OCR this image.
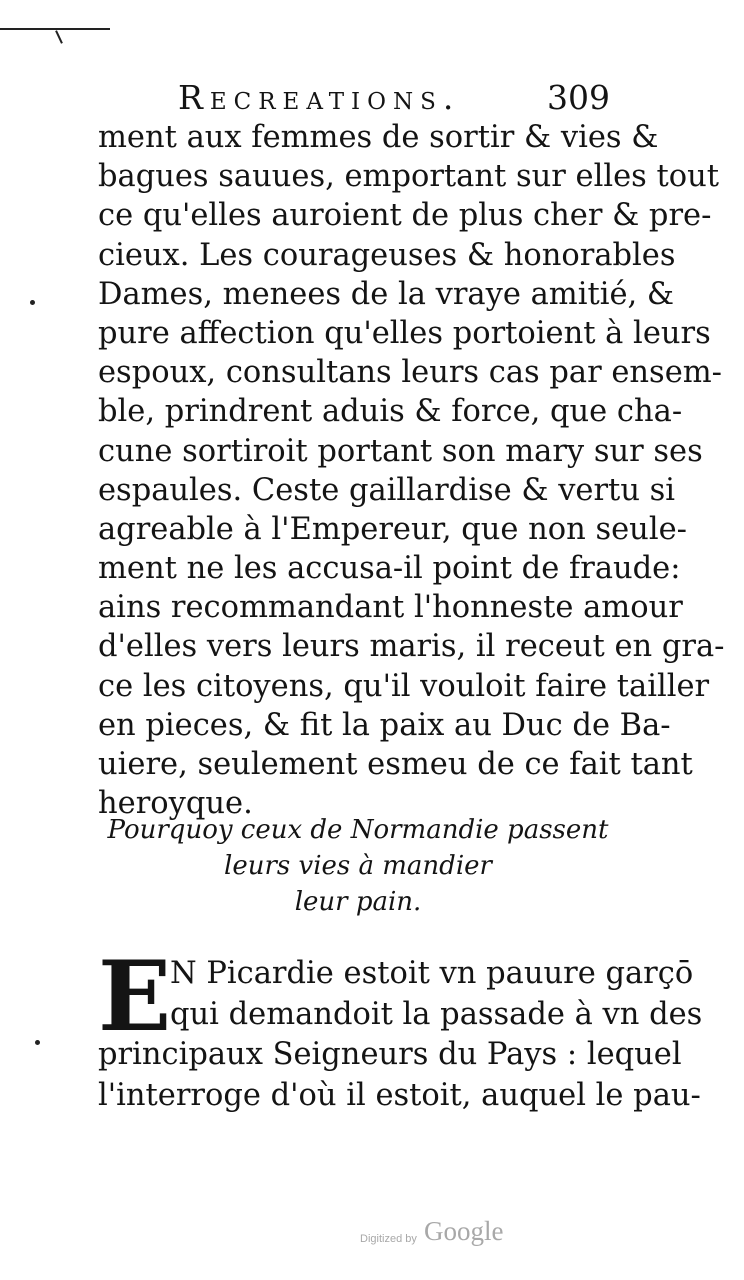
Recreations.	309
ment aux femmes de sortir & vies &
bagues sauues, emportant sur elles tout
ce qu'elles auroient de plus cher & pre-
cieux. Les courageuses & honorables
Dames, menees de la vraye amitié, &
pure affection qu'elles portoient à leurs
espoux, consultans leurs cas par ensem-
ble, prindrent aduis & force, que cha-
cune sortiroit portant son mary sur ses
espaules. Ceste gaillardise & vertu si
agreable à l'Empereur, que non seule-
ment ne les accusa-il point de fraude:
ains recommandant l'honneste amour
d'elles vers leurs maris, il receut en gra-
ce les citoyens, qu'il vouloit faire tailler
en pieces, & fit la paix au Duc de Ba-
uiere, seulement esmeu de ce fait tant
heroyque.
Pourquoy ceux de Normandie passent
leurs vies à mandier
leur pain.
E
N Picardie estoit vn pauure garçō
qui demandoit la passade à vn des
principaux Seigneurs du Pays : lequel
l'interroge d'où il estoit, auquel le pau-
Digitized by Google
